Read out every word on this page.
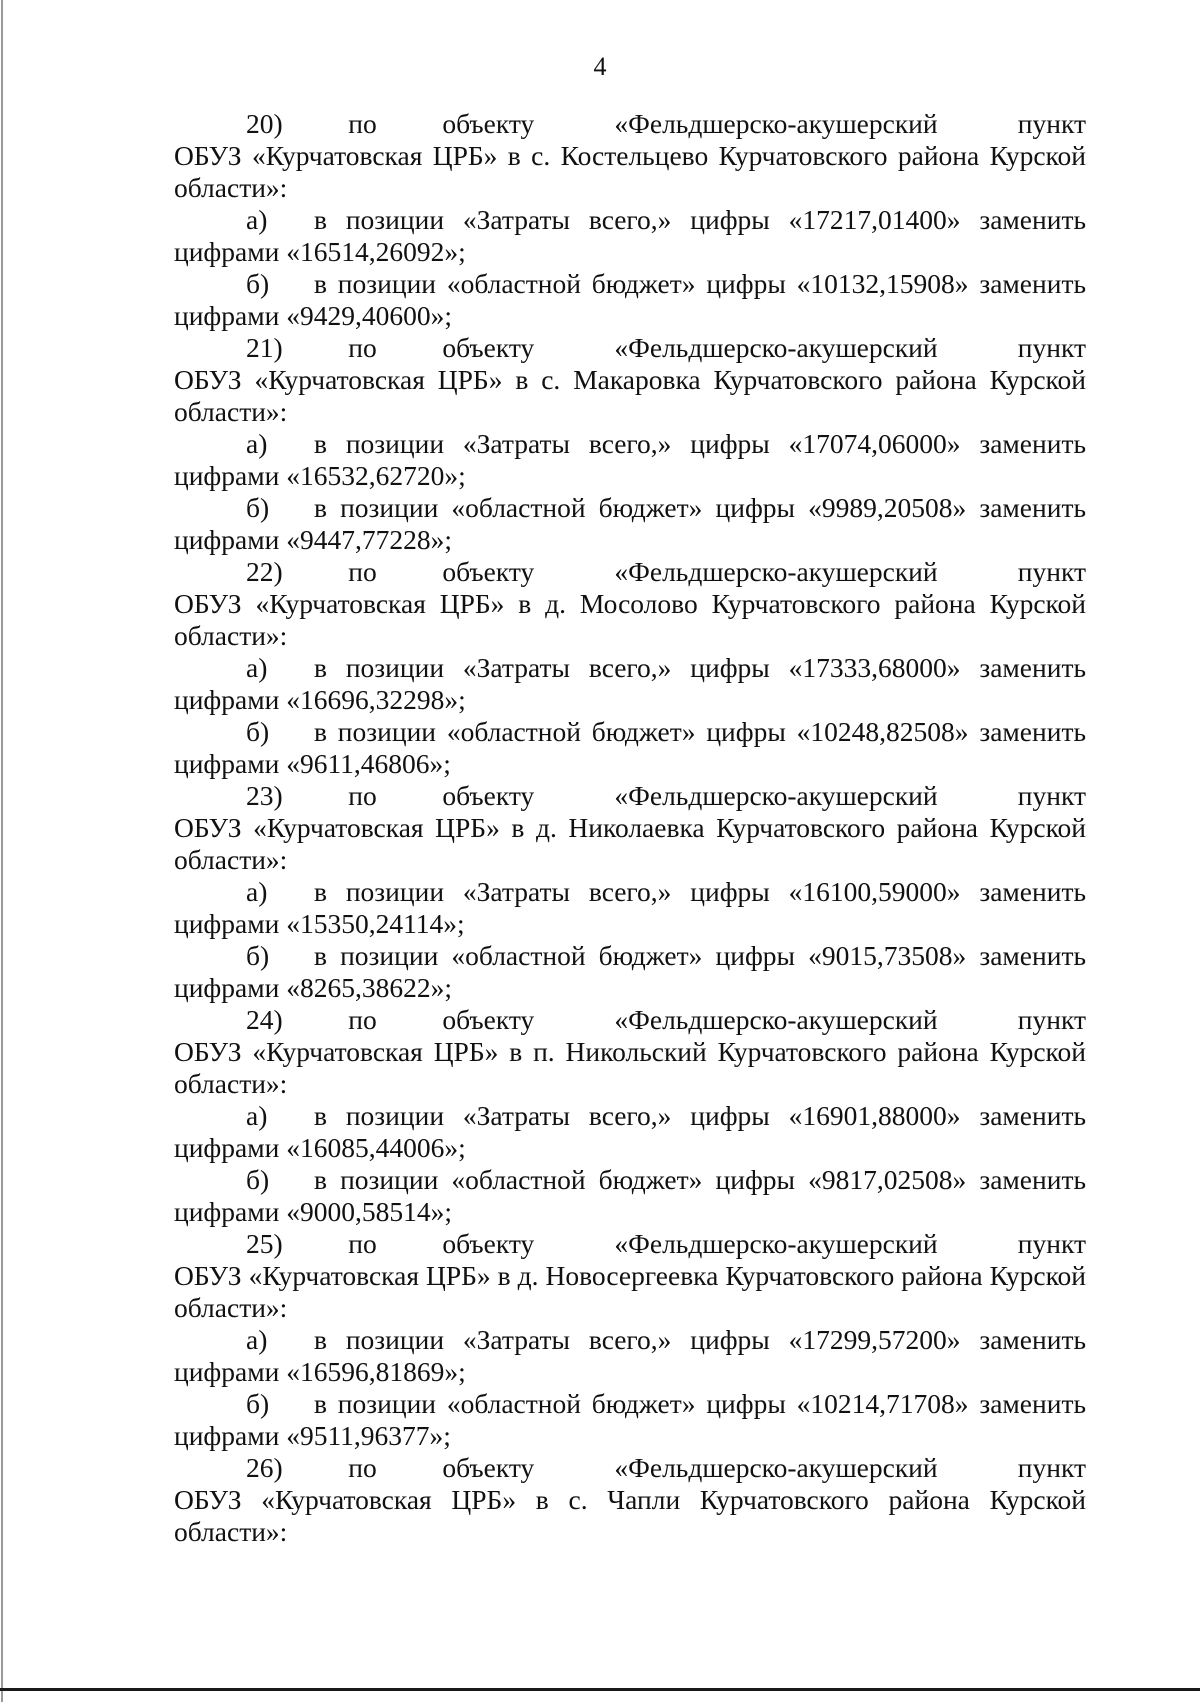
4

20)         по         объекту           «Фельдшерско-акушерский           пункт
ОБУЗ «Курчатовская ЦРБ» в с. Костельцево Курчатовского района Курской области»:

а) в позиции «Затраты всего,» цифры «17217,01400» заменить
цифрами «16514,26092»;

б) в позиции «областной бюджет» цифры «10132,15908» заменить
цифрами «9429,40600»;

21)         по         объекту           «Фельдшерско-акушерский           пункт
ОБУЗ «Курчатовская ЦРБ» в с. Макаровка Курчатовского района Курской области»:

а) в позиции «Затраты всего,» цифры «17074,06000» заменить
цифрами «16532,62720»;

б) в позиции «областной бюджет» цифры «9989,20508» заменить
цифрами «9447,77228»;

22)         по         объекту           «Фельдшерско-акушерский           пункт
ОБУЗ «Курчатовская ЦРБ» в д. Мосолово Курчатовского района Курской области»:

а) в позиции «Затраты всего,» цифры «17333,68000» заменить
цифрами «16696,32298»;

б) в позиции «областной бюджет» цифры «10248,82508» заменить
цифрами «9611,46806»;

23)         по         объекту           «Фельдшерско-акушерский           пункт
ОБУЗ «Курчатовская ЦРБ» в д. Николаевка Курчатовского района Курской области»:

а) в позиции «Затраты всего,» цифры «16100,59000» заменить
цифрами «15350,24114»;

б) в позиции «областной бюджет» цифры «9015,73508» заменить
цифрами «8265,38622»;

24)         по         объекту           «Фельдшерско-акушерский           пункт
ОБУЗ «Курчатовская ЦРБ» в п. Никольский Курчатовского района Курской области»:

а) в позиции «Затраты всего,» цифры «16901,88000» заменить
цифрами «16085,44006»;

б) в позиции «областной бюджет» цифры «9817,02508» заменить
цифрами «9000,58514»;

25)         по         объекту           «Фельдшерско-акушерский           пункт
ОБУЗ «Курчатовская ЦРБ» в д. Новосергеевка Курчатовского района Курской области»:

а) в позиции «Затраты всего,» цифры «17299,57200» заменить
цифрами «16596,81869»;

б) в позиции «областной бюджет» цифры «10214,71708» заменить
цифрами «9511,96377»;

26)         по         объекту           «Фельдшерско-акушерский           пункт
ОБУЗ «Курчатовская ЦРБ» в с. Чапли Курчатовского района Курской области»:
